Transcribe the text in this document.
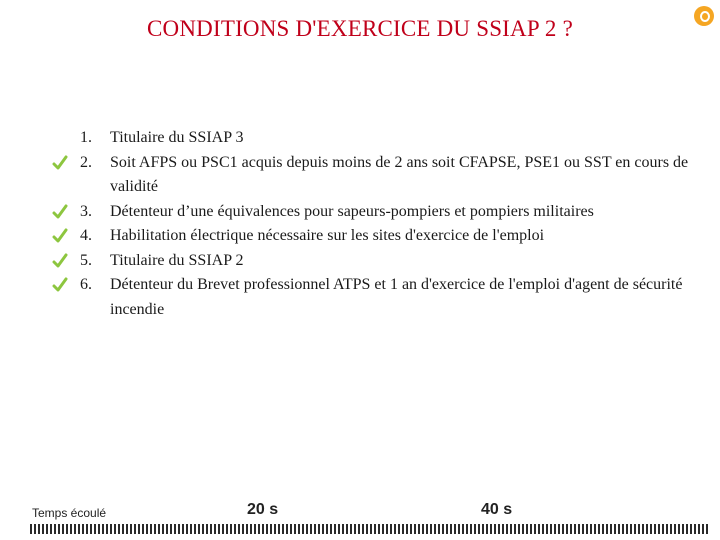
CONDITIONS D'EXERCICE DU SSIAP 2 ?
1.	Titulaire du SSIAP 3
2.	Soit AFPS ou PSC1 acquis depuis moins de 2 ans soit CFAPSE, PSE1 ou SST en cours de validité
3.	Détenteur d’une équivalences pour sapeurs-pompiers et pompiers militaires
4.	Habilitation électrique nécessaire sur les sites d'exercice de l'emploi
5.	Titulaire du SSIAP 2
6.	Détenteur du Brevet professionnel ATPS et 1 an d'exercice de l'emploi d'agent de sécurité incendie
Temps écoulé	20 s	40 s
